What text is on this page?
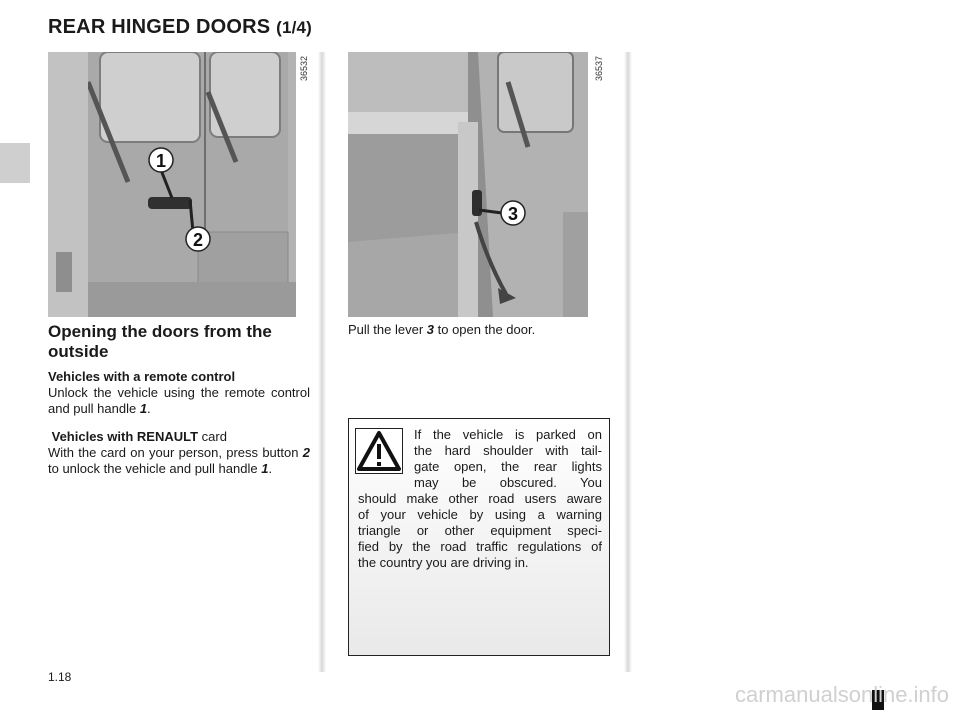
REAR HINGED DOORS (1/4)
1
2
36532
3
36537
Opening the doors from the outside
Vehicles with a remote control
Unlock the vehicle using the remote control and pull handle 1.
Vehicles with RENAULT card
With the card on your person, press button 2 to unlock the vehicle and pull handle 1.
Pull the lever 3 to open the door.
If the vehicle is parked on
the hard shoulder with tail-
gate open, the rear lights
may be obscured. You
should make other road users aware
of your vehicle by using a warning
triangle or other equipment speci-
fied by the road traffic regulations of
the country you are driving in.
1.18
carmanualsonline.info
